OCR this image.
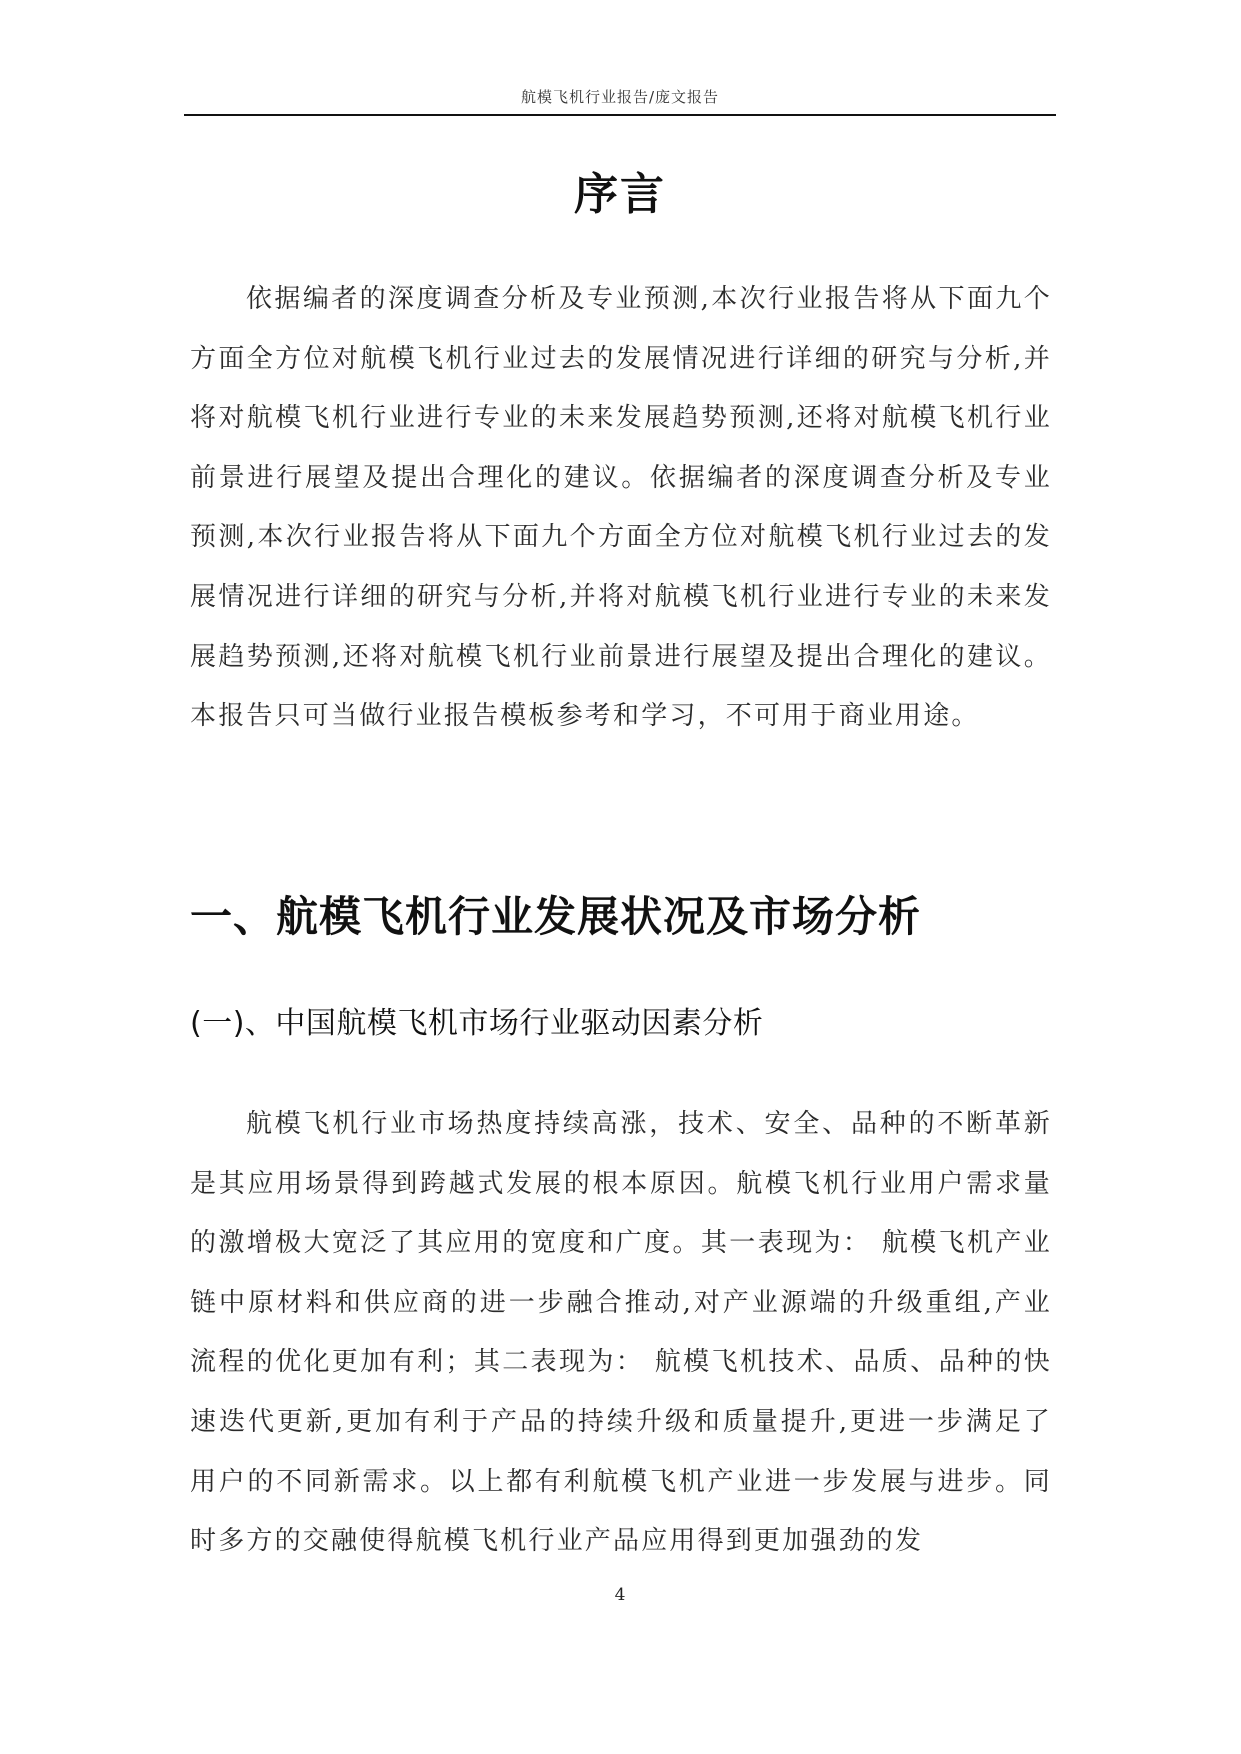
航模飞机行业报告/庞文报告
序言

依据编者的深度调查分析及专业预测,本次行业报告将从下面九个方面全方位对航模飞机行业过去的发展情况进行详细的研究与分析,并将对航模飞机行业进行专业的未来发展趋势预测,还将对航模飞机行业前景进行展望及提出合理化的建议。依据编者的深度调查分析及专业预测,本次行业报告将从下面九个方面全方位对航模飞机行业过去的发展情况进行详细的研究与分析,并将对航模飞机行业进行专业的未来发展趋势预测,还将对航模飞机行业前景进行展望及提出合理化的建议。本报告只可当做行业报告模板参考和学习，不可用于商业用途。

一、航模飞机行业发展状况及市场分析
(一)、中国航模飞机市场行业驱动因素分析

航模飞机行业市场热度持续高涨，技术、安全、品种的不断革新是其应用场景得到跨越式发展的根本原因。航模飞机行业用户需求量的激增极大宽泛了其应用的宽度和广度。其一表现为： 航模飞机产业链中原材料和供应商的进一步融合推动,对产业源端的升级重组,产业流程的优化更加有利；其二表现为： 航模飞机技术、品质、品种的快速迭代更新,更加有利于产品的持续升级和质量提升,更进一步满足了用户的不同新需求。以上都有利航模飞机产业进一步发展与进步。同时多方的交融使得航模飞机行业产品应用得到更加强劲的发

4
